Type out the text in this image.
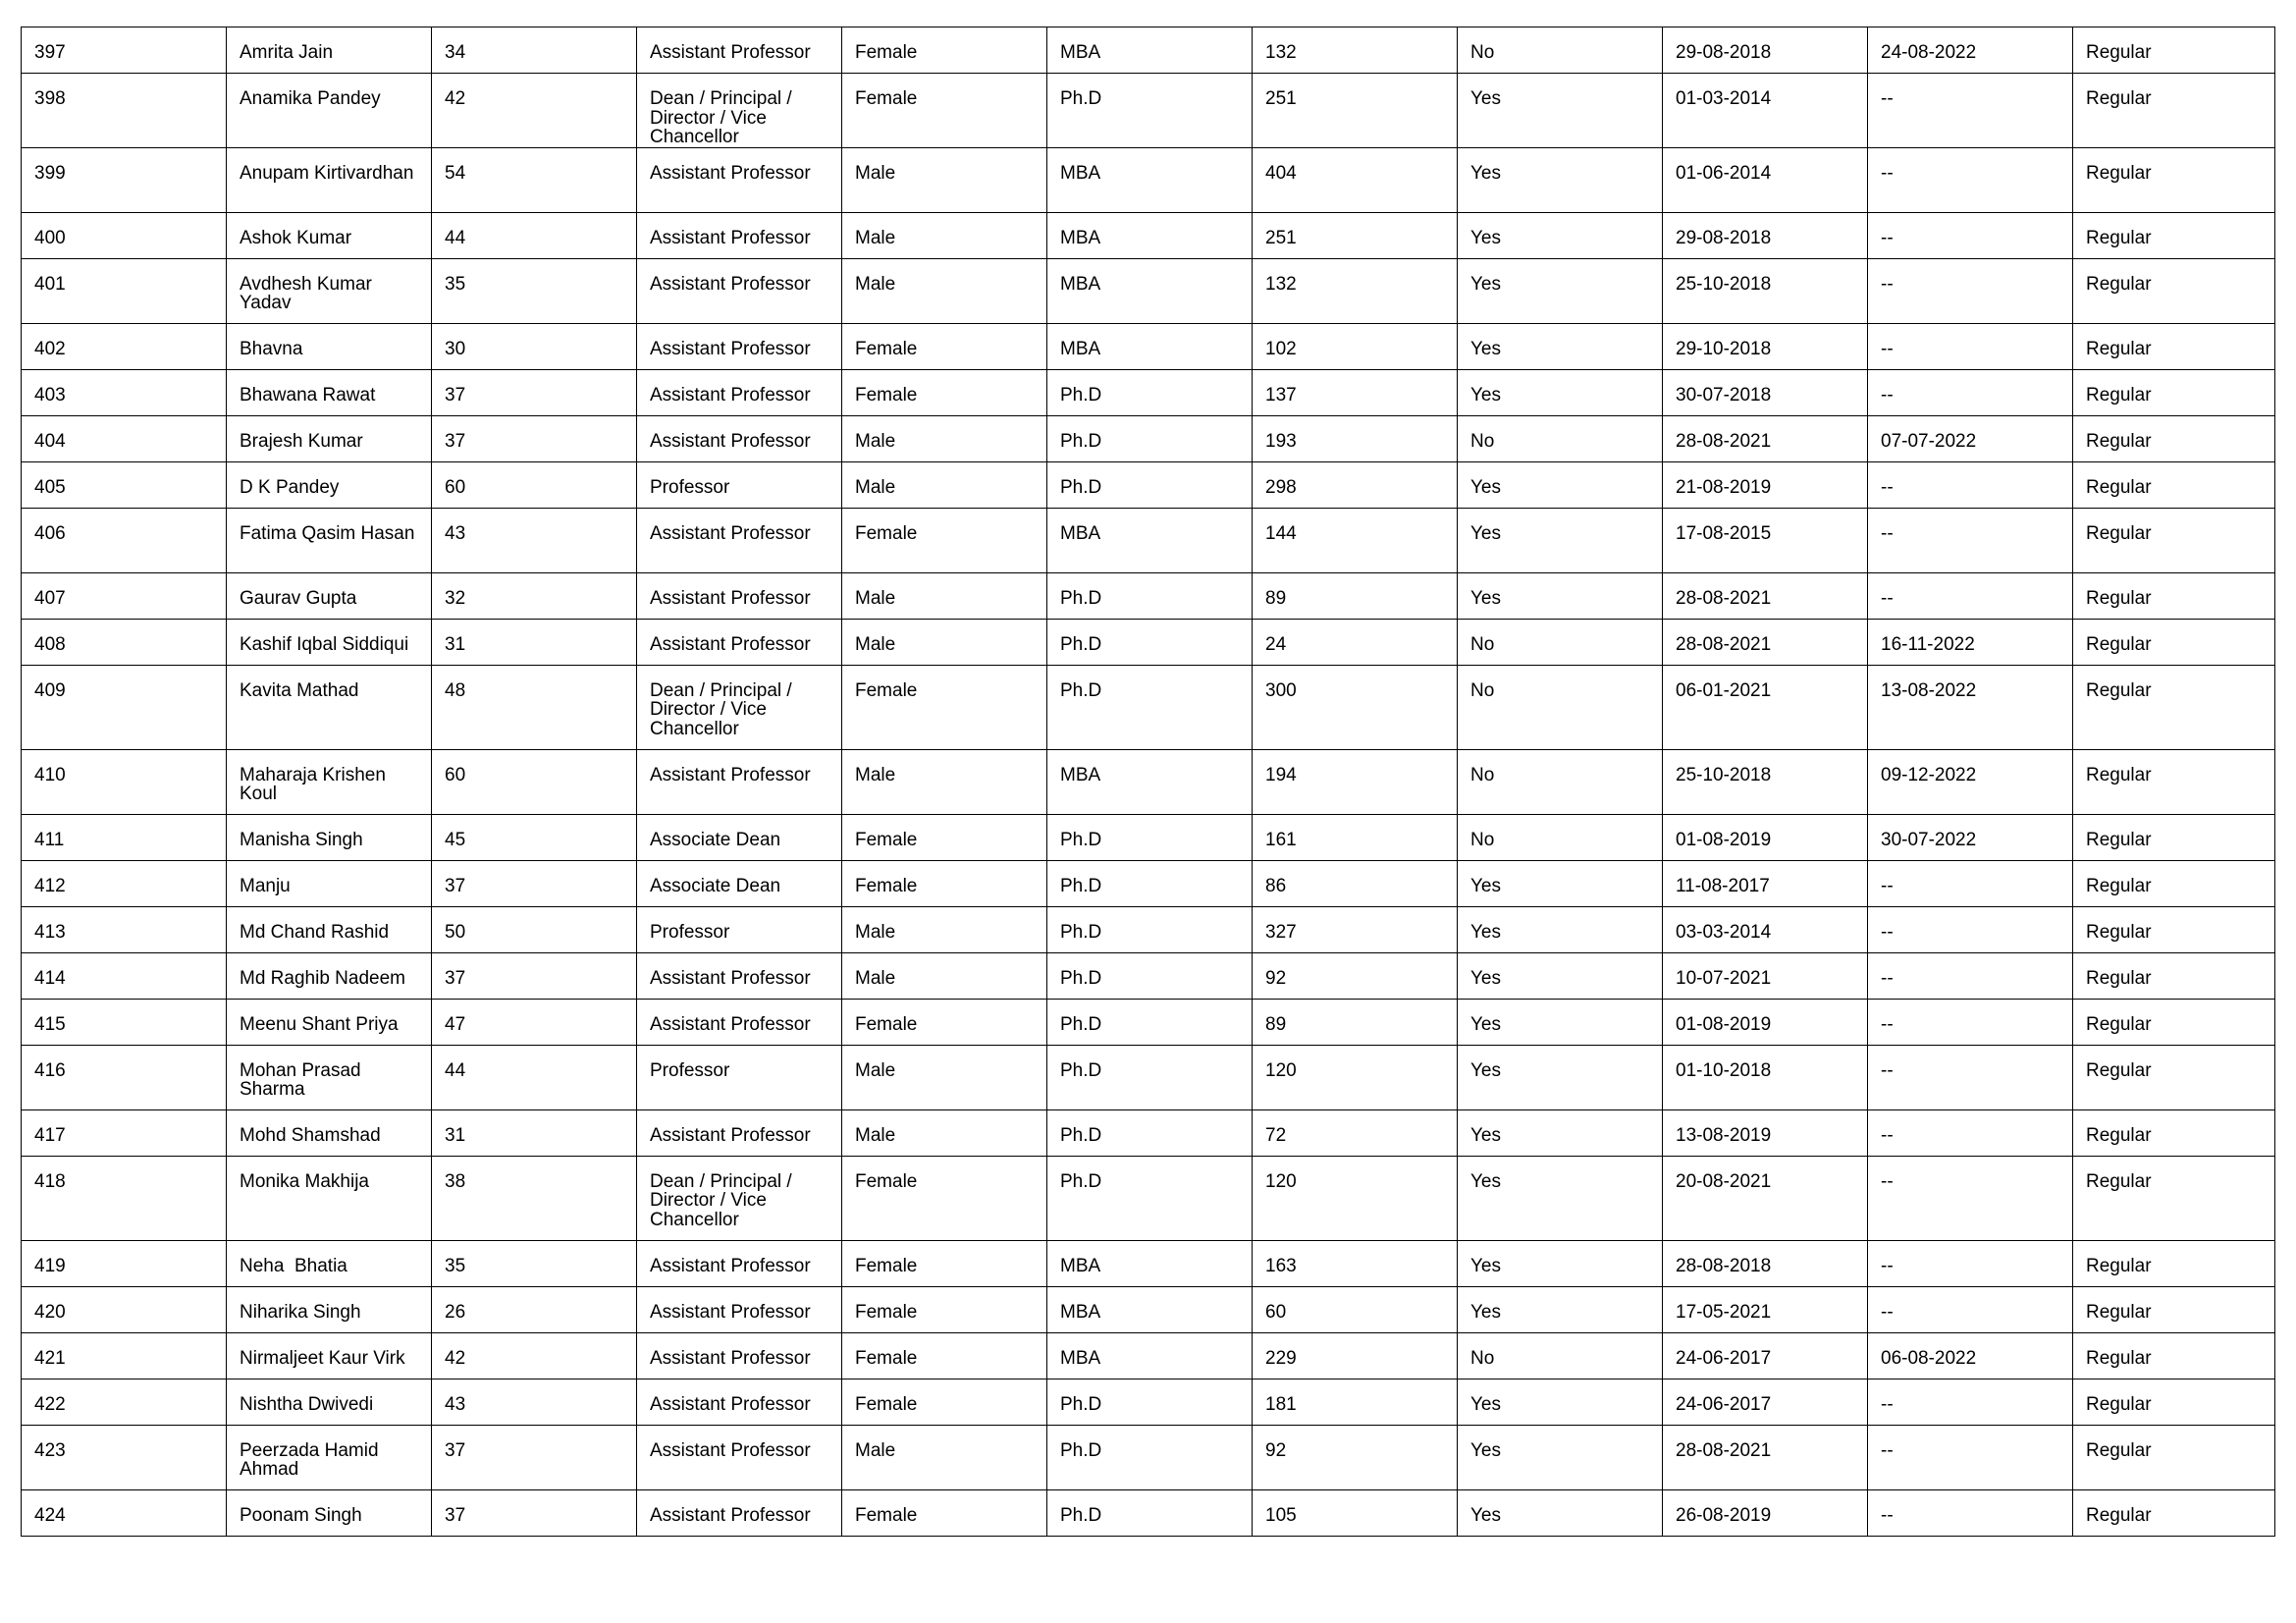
397	Amrita Jain	34	Assistant Professor	Female	MBA	132	No	29-08-2018	24-08-2022	Regular
398	Anamika Pandey	42	Dean / Principal / Director / Vice Chancellor	Female	Ph.D	251	Yes	01-03-2014	--	Regular
399	Anupam Kirtivardhan	54	Assistant Professor	Male	MBA	404	Yes	01-06-2014	--	Regular
400	Ashok Kumar	44	Assistant Professor	Male	MBA	251	Yes	29-08-2018	--	Regular
401	Avdhesh Kumar Yadav	35	Assistant Professor	Male	MBA	132	Yes	25-10-2018	--	Regular
402	Bhavna	30	Assistant Professor	Female	MBA	102	Yes	29-10-2018	--	Regular
403	Bhawana Rawat	37	Assistant Professor	Female	Ph.D	137	Yes	30-07-2018	--	Regular
404	Brajesh Kumar	37	Assistant Professor	Male	Ph.D	193	No	28-08-2021	07-07-2022	Regular
405	D K Pandey	60	Professor	Male	Ph.D	298	Yes	21-08-2019	--	Regular
406	Fatima Qasim Hasan	43	Assistant Professor	Female	MBA	144	Yes	17-08-2015	--	Regular
407	Gaurav Gupta	32	Assistant Professor	Male	Ph.D	89	Yes	28-08-2021	--	Regular
408	Kashif Iqbal Siddiqui	31	Assistant Professor	Male	Ph.D	24	No	28-08-2021	16-11-2022	Regular
409	Kavita Mathad	48	Dean / Principal / Director / Vice Chancellor	Female	Ph.D	300	No	06-01-2021	13-08-2022	Regular
410	Maharaja Krishen Koul	60	Assistant Professor	Male	MBA	194	No	25-10-2018	09-12-2022	Regular
411	Manisha Singh	45	Associate Dean	Female	Ph.D	161	No	01-08-2019	30-07-2022	Regular
412	Manju	37	Associate Dean	Female	Ph.D	86	Yes	11-08-2017	--	Regular
413	Md Chand Rashid	50	Professor	Male	Ph.D	327	Yes	03-03-2014	--	Regular
414	Md Raghib Nadeem	37	Assistant Professor	Male	Ph.D	92	Yes	10-07-2021	--	Regular
415	Meenu Shant Priya	47	Assistant Professor	Female	Ph.D	89	Yes	01-08-2019	--	Regular
416	Mohan Prasad Sharma	44	Professor	Male	Ph.D	120	Yes	01-10-2018	--	Regular
417	Mohd Shamshad	31	Assistant Professor	Male	Ph.D	72	Yes	13-08-2019	--	Regular
418	Monika Makhija	38	Dean / Principal / Director / Vice Chancellor	Female	Ph.D	120	Yes	20-08-2021	--	Regular
419	Neha  Bhatia	35	Assistant Professor	Female	MBA	163	Yes	28-08-2018	--	Regular
420	Niharika Singh	26	Assistant Professor	Female	MBA	60	Yes	17-05-2021	--	Regular
421	Nirmaljeet Kaur Virk	42	Assistant Professor	Female	MBA	229	No	24-06-2017	06-08-2022	Regular
422	Nishtha Dwivedi	43	Assistant Professor	Female	Ph.D	181	Yes	24-06-2017	--	Regular
423	Peerzada Hamid Ahmad	37	Assistant Professor	Male	Ph.D	92	Yes	28-08-2021	--	Regular
424	Poonam Singh	37	Assistant Professor	Female	Ph.D	105	Yes	26-08-2019	--	Regular
